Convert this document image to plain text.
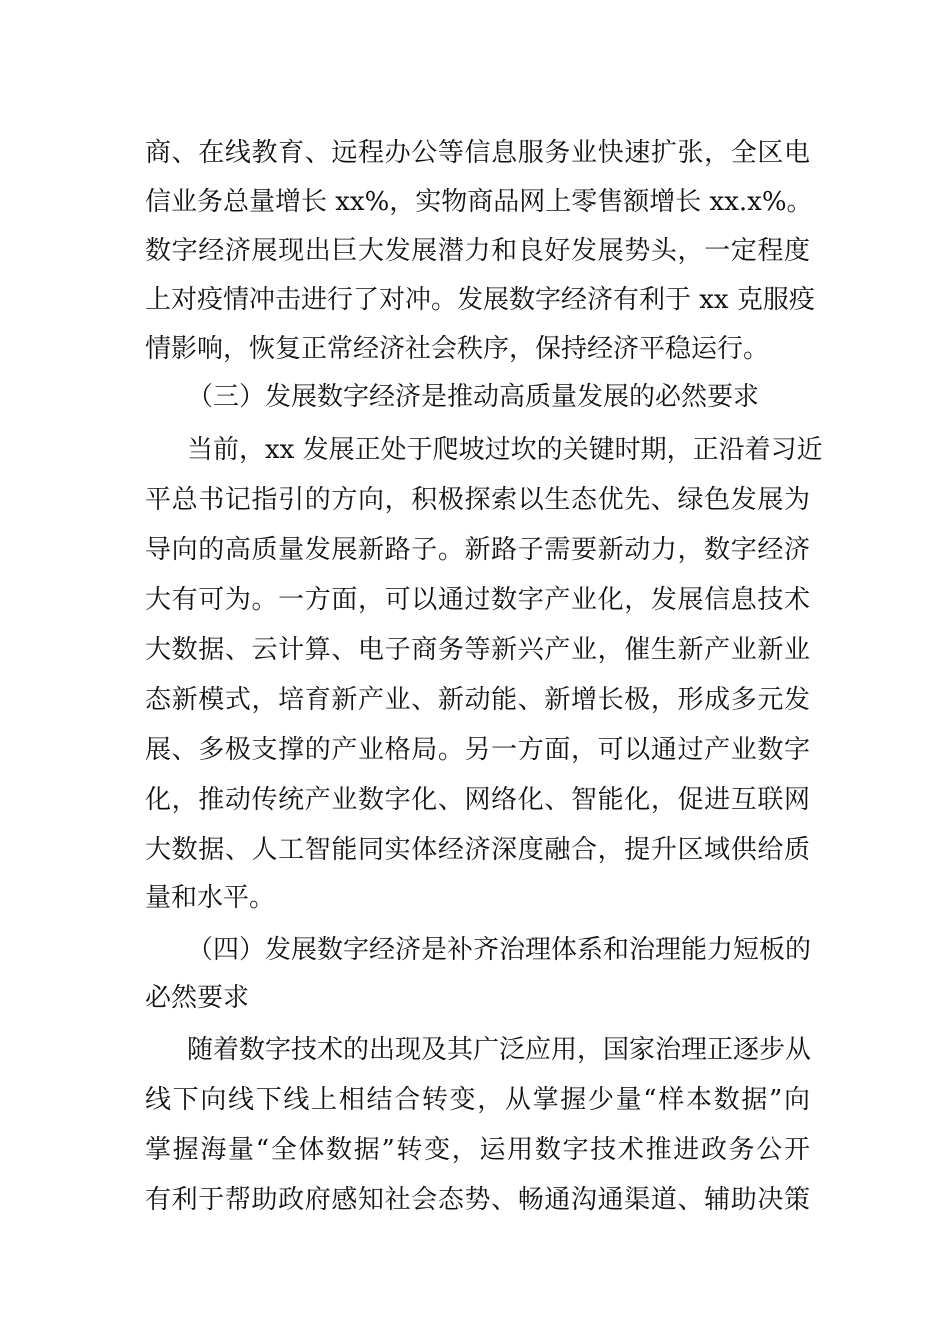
商、在线教育、远程办公等信息服务业快速扩张，全区电
信业务总量增长 xx%，实物商品网上零售额增长 xx.x%。
数字经济展现出巨大发展潜力和良好发展势头，一定程度
上对疫情冲击进行了对冲。发展数字经济有利于 xx 克服疫
情影响，恢复正常经济社会秩序，保持经济平稳运行。
（三）发展数字经济是推动高质量发展的必然要求
当前，xx 发展正处于爬坡过坎的关键时期，正沿着习近
平总书记指引的方向，积极探索以生态优先、绿色发展为
导向的高质量发展新路子。新路子需要新动力，数字经济
大有可为。一方面，可以通过数字产业化，发展信息技术
大数据、云计算、电子商务等新兴产业，催生新产业新业
态新模式，培育新产业、新动能、新增长极，形成多元发
展、多极支撑的产业格局。另一方面，可以通过产业数字
化，推动传统产业数字化、网络化、智能化，促进互联网
大数据、人工智能同实体经济深度融合，提升区域供给质
量和水平。
（四）发展数字经济是补齐治理体系和治理能力短板的
必然要求
随着数字技术的出现及其广泛应用，国家治理正逐步从
线下向线下线上相结合转变，从掌握少量“样本数据”向
掌握海量“全体数据”转变，运用数字技术推进政务公开
有利于帮助政府感知社会态势、畅通沟通渠道、辅助决策
